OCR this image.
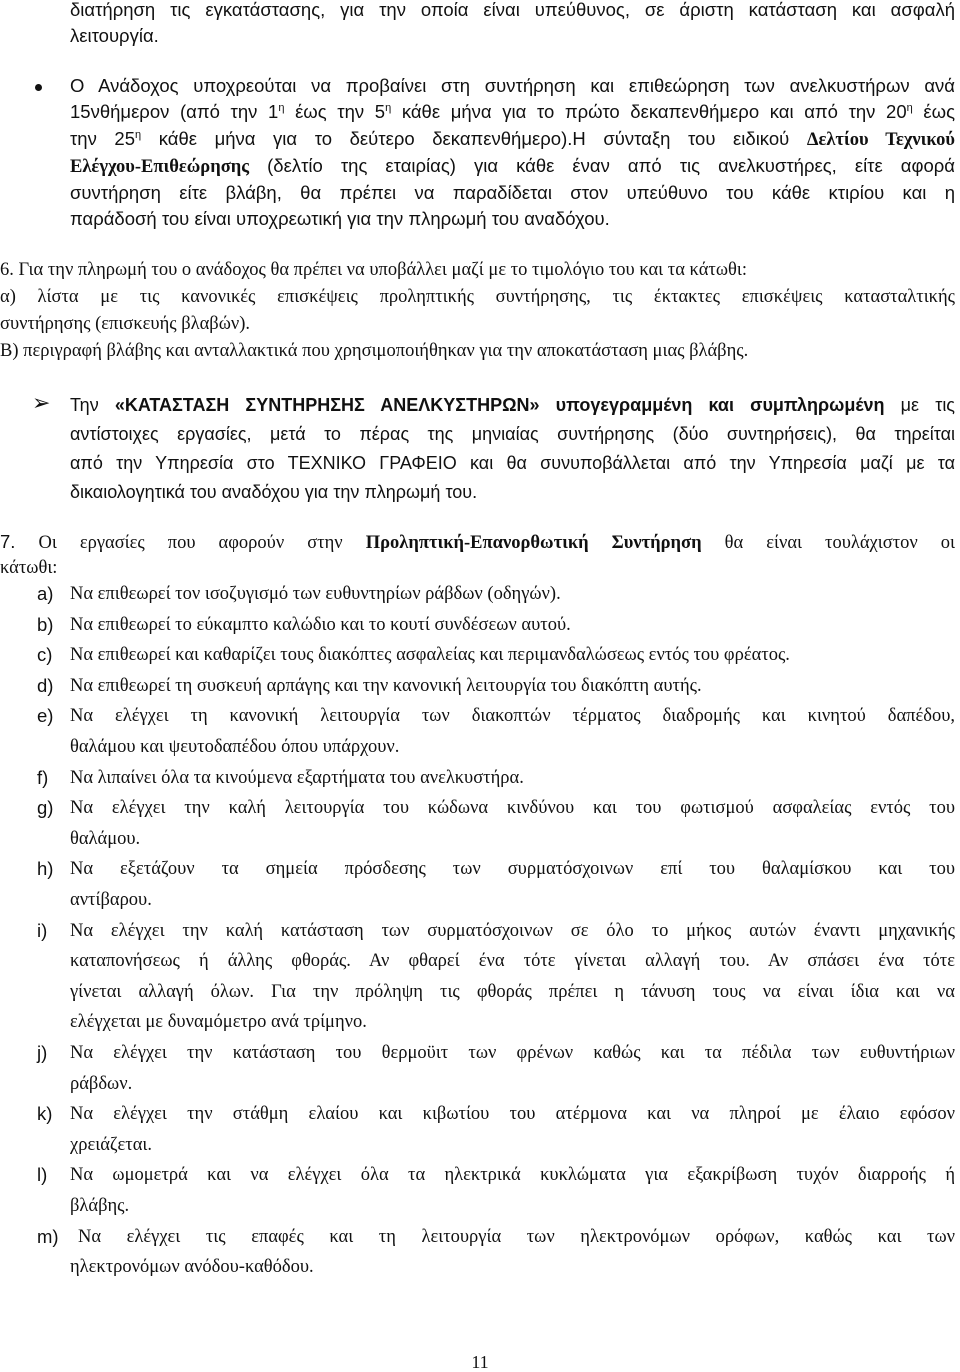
διατήρηση τις εγκατάστασης, για την οποία είναι υπεύθυνος, σε άριστη κατάσταση και ασφαλή
λειτουργία.
Ο Ανάδοχος υποχρεούται να προβαίνει στη συντήρηση και επιθεώρηση των ανελκυστήρων ανά
15νθήμερον (από την $1^\eta$ έως την $5^\eta$ κάθε μήνα για το πρώτο δεκαπενθήμερο και από την $20^\eta$ έως
την $25^\eta$ κάθε μήνα για το δεύτερο δεκαπενθήμερο).Η σύνταξη του ειδικού Δελτίου Τεχνικού
Ελέγχου-Επιθεώρησης (δελτίο της εταιρίας) για κάθε έναν από τις ανελκυστήρες, είτε αφορά
συντήρηση είτε βλάβη, θα πρέπει να παραδίδεται στον υπεύθυνο του κάθε κτιρίου και η
παράδοσή του είναι υποχρεωτική για την πληρωμή του αναδόχου.
6. Για την πληρωμή του ο ανάδοχος θα πρέπει να υποβάλλει μαζί με το τιμολόγιο του και τα κάτωθι:
α) λίστα με τις κανονικές επισκέψεις προληπτικής συντήρησης, τις έκτακτες επισκέψεις κατασταλτικής
συντήρησης (επισκευής βλαβών).
Β) περιγραφή βλάβης και ανταλλακτικά που χρησιμοποιήθηκαν για την αποκατάσταση μιας βλάβης.
➢ Την «ΚΑΤΑΣΤΑΣΗ ΣΥΝΤΗΡΗΣΗΣ ΑΝΕΛΚΥΣΤΗΡΩΝ» υπογεγραμμένη και συμπληρωμένη με τις
αντίστοιχες εργασίες, μετά το πέρας της μηνιαίας συντήρησης (δύο συντηρήσεις), θα τηρείται
από την Υπηρεσία στο ΤΕΧΝΙΚΟ ΓΡΑΦΕΙΟ και θα συνυποβάλλεται από την Υπηρεσία μαζί με τα
δικαιολογητικά του αναδόχου για την πληρωμή του.
7. Οι εργασίες που αφορούν στην Προληπτική-Επανορθωτική Συντήρηση θα είναι τουλάχιστον οι
κάτωθι:
a) Να επιθεωρεί τον ισοζυγισμό των ευθυντηρίων ράβδων (οδηγών).
b) Να επιθεωρεί το εύκαμπτο καλώδιο και το κουτί συνδέσεων αυτού.
c) Να επιθεωρεί και καθαρίζει τους διακόπτες ασφαλείας και περιμανδαλώσεως εντός του φρέατος.
d) Να επιθεωρεί τη συσκευή αρπάγης και την κανονική λειτουργία του διακόπτη αυτής.
e) Να ελέγχει τη κανονική λειτουργία των διακοπτών τέρματος διαδρομής και κινητού δαπέδου,
θαλάμου και ψευτοδαπέδου όπου υπάρχουν.
f) Να λιπαίνει όλα τα κινούμενα εξαρτήματα του ανελκυστήρα.
g) Να ελέγχει την καλή λειτουργία του κώδωνα κινδύνου και του φωτισμού ασφαλείας εντός του
θαλάμου.
h) Να εξετάζουν τα σημεία πρόσδεσης των συρματόσχοινων επί του θαλαμίσκου και του
αντίβαρου.
i) Να ελέγχει την καλή κατάσταση των συρματόσχοινων σε όλο το μήκος αυτών έναντι μηχανικής
καταπονήσεως ή άλλης φθοράς. Αν φθαρεί ένα τότε γίνεται αλλαγή του. Αν σπάσει ένα τότε
γίνεται αλλαγή όλων. Για την πρόληψη τις φθοράς πρέπει η τάνυση τους να είναι ίδια και να
ελέγχεται με δυναμόμετρο ανά τρίμηνο.
j) Να ελέγχει την κατάσταση του θερμοϋιτ των φρένων καθώς και τα πέδιλα των ευθυντήριων
ράβδων.
k) Να ελέγχει την στάθμη ελαίου και κιβωτίου του ατέρμονα και να πληροί με έλαιο εφόσον
χρειάζεται.
l) Να ωμομετρά και να ελέγχει όλα τα ηλεκτρικά κυκλώματα για εξακρίβωση τυχόν διαρροής ή
βλάβης.
m) Να ελέγχει τις επαφές και τη λειτουργία των ηλεκτρονόμων ορόφων, καθώς και των
ηλεκτρονόμων ανόδου-καθόδου.
11
